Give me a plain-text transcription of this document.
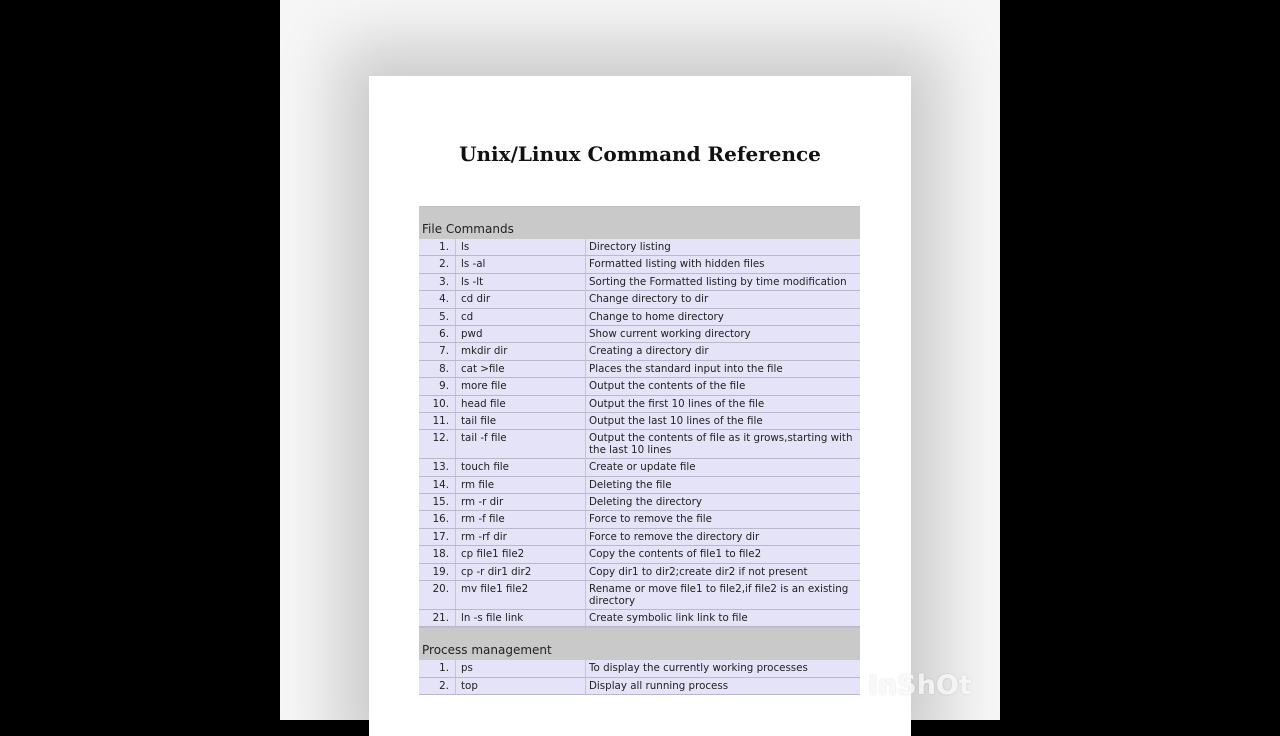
Unix/Linux Command Reference
File Commands
1.	ls	Directory listing
2.	ls -al	Formatted listing with hidden files
3.	ls -lt	Sorting the Formatted listing by time modification
4.	cd dir	Change directory to dir
5.	cd	Change to home directory
6.	pwd	Show current working directory
7.	mkdir dir	Creating a directory dir
8.	cat >file	Places the standard input into the file
9.	more file	Output the contents of the file
10.	head file	Output the first 10 lines of the file
11.	tail file	Output the last 10 lines of the file
12.	tail -f file	Output the contents of file as it grows,starting with the last 10 lines
13.	touch file	Create or update file
14.	rm file	Deleting the file
15.	rm -r dir	Deleting the directory
16.	rm -f file	Force to remove the file
17.	rm -rf dir	Force to remove the directory dir
18.	cp file1 file2	Copy the contents of file1 to file2
19.	cp -r dir1 dir2	Copy dir1 to dir2;create dir2 if not present
20.	mv file1 file2	Rename or move file1 to file2,if file2 is an existing directory
21.	ln -s file link	Create symbolic link link to file
Process management
1.	ps	To display the currently working processes
2.	top	Display all running process	InShOt
